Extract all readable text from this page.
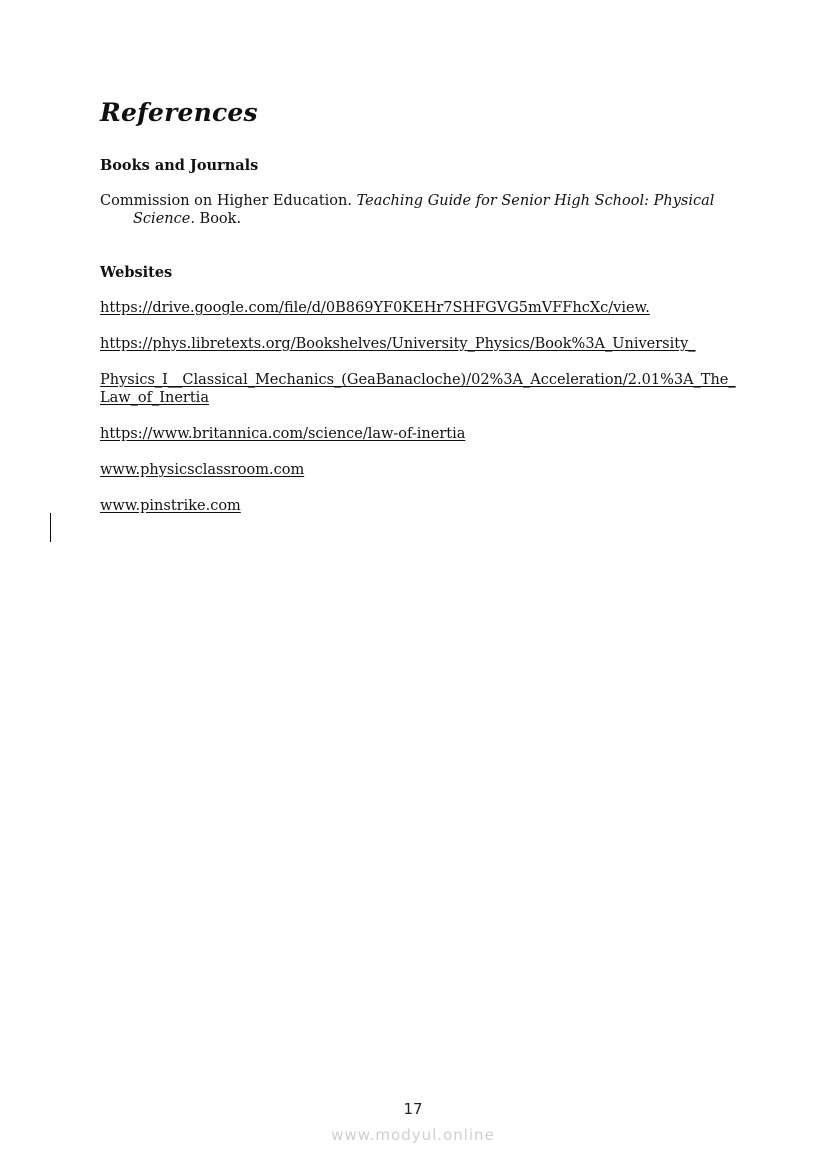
References
Books and Journals

Commission on Higher Education. Teaching Guide for Senior High School: Physical Science. Book.

Websites
https://drive.google.com/file/d/0B869YF0KEHr7SHFGVG5mVFFhcXc/view.
https://phys.libretexts.org/Bookshelves/University_Physics/Book%3A_University_
Physics_I__Classical_Mechanics_(GeaBanacloche)/02%3A_Acceleration/2.01%3A_The_Law_of_Inertia
https://www.britannica.com/science/law-of-inertia
www.physicsclassroom.com
www.pinstrike.com
17
www.modyul.online
